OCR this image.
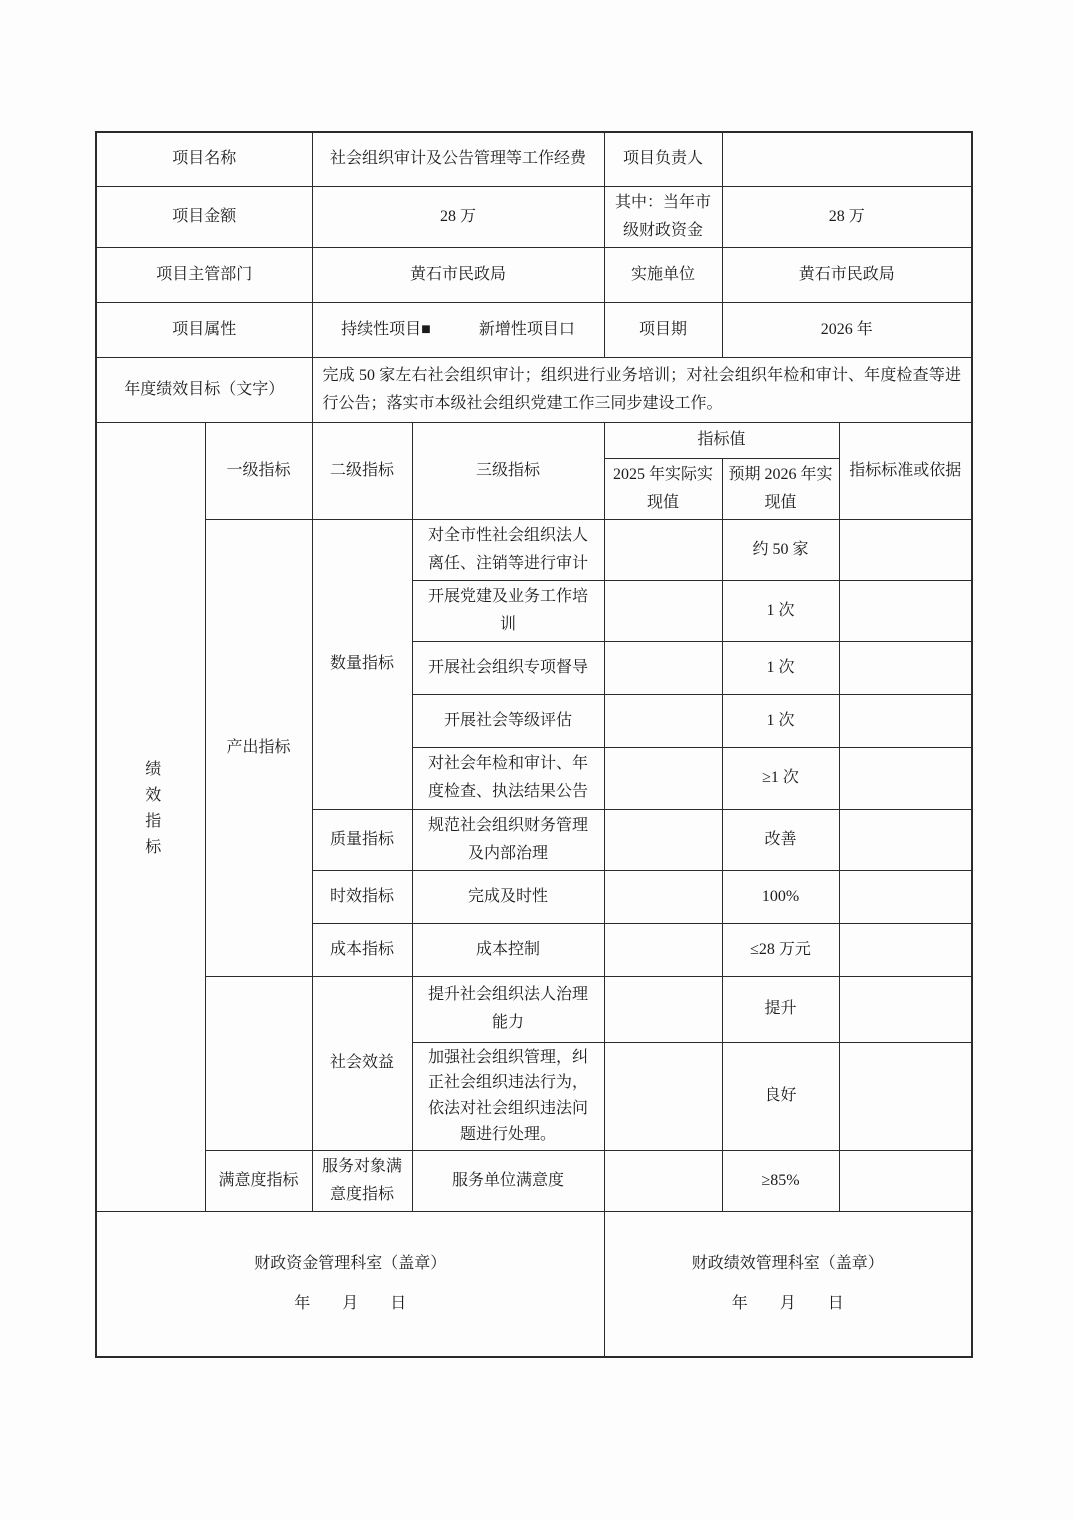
项目名称		社会组织审计及公告管理等工作经费		项目负责人		
项目金额		28 万		其中：当年市级财政资金	28 万	
项目主管部门		黄石市民政局		实施单位	黄石市民政局	
项目属性		持续性项目■ 新增性项目口		项目期	2026 年	
年度绩效目标（文字）		完成 50 家左右社会组织审计；组织进行业务培训；对社会组织年检和审计、年度检查等进行公告；落实市本级社会组织党建工作三同步建设工作。				
绩效指标	一级指标	二级指标	三级指标	指标值		指标标准或依据
				2025 年实际实现值	预期 2026 年实现值	
	产出指标	数量指标	对全市性社会组织法人离任、注销等进行审计		约 50 家	
			开展党建及业务工作培训		1 次	
			开展社会组织专项督导		1 次	
			开展社会等级评估		1 次	
			对社会年检和审计、年度检查、执法结果公告		≥1 次	
		质量指标	规范社会组织财务管理及内部治理		改善	
		时效指标	完成及时性		100%	
		成本指标	成本控制		≤28 万元	
		社会效益	提升社会组织法人治理能力		提升	
			加强社会组织管理，纠正社会组织违法行为，依法对社会组织违法问题进行处理。		良好	
	满意度指标	服务对象满意度指标	服务单位满意度		≥85%	

财政资金管理科室（盖章）
年　　月　　日

财政绩效管理科室（盖章）
年　　月　　日
